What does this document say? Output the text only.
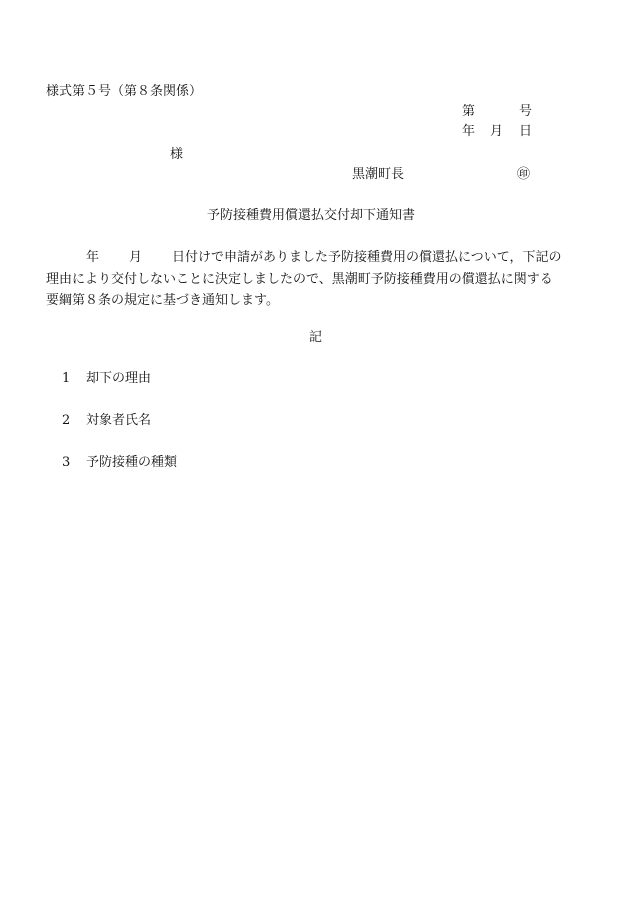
様式第５号（第８条関係）
第	号
年 月 日
様
黒潮町長	㊞
予防接種費用償還払交付却下通知書
年 月 日付けで申請がありました予防接種費用の償還払について，下記の
理由により交付しないことに決定しましたので、黒潮町予防接種費用の償還払に関する
要綱第８条の規定に基づき通知します。
記
1 却下の理由
2 対象者氏名
3 予防接種の種類
